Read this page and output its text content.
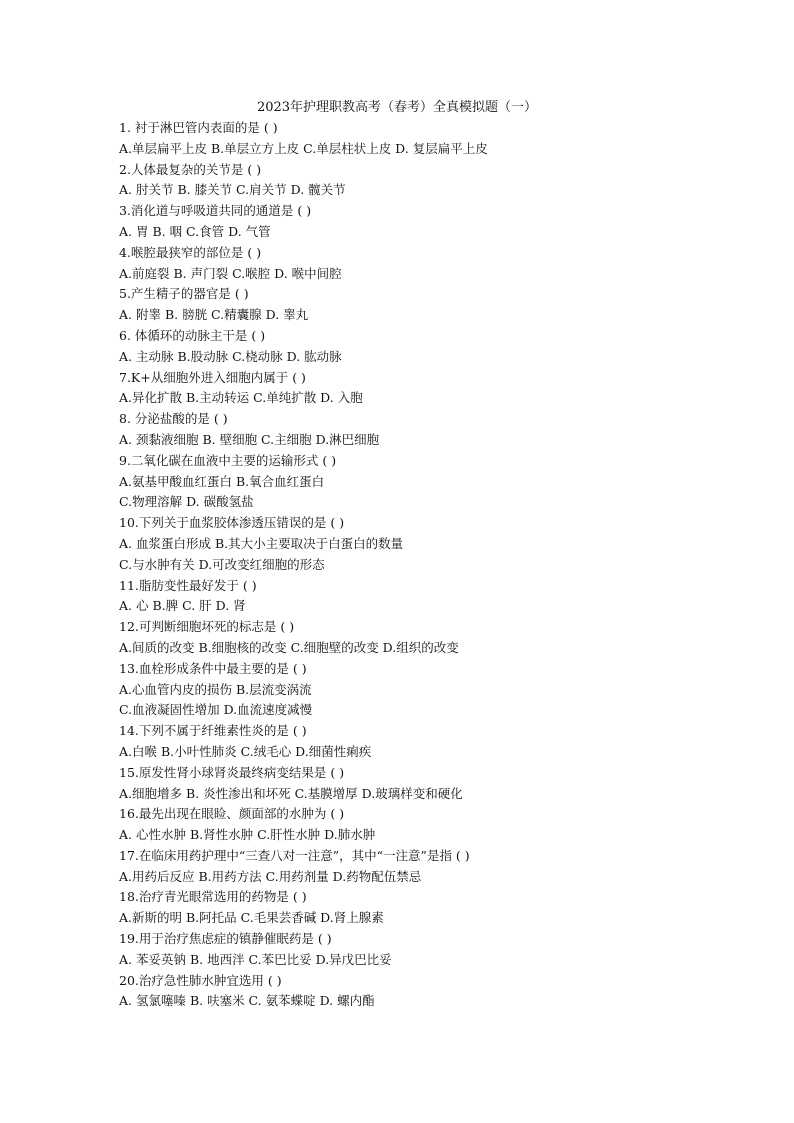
2023年护理职教高考（春考）全真模拟题（一）
1. 衬于淋巴管内表面的是 ( )
A.单层扁平上皮 B.单层立方上皮 C.单层柱状上皮 D. 复层扁平上皮
2.人体最复杂的关节是 ( )
A. 肘关节 B. 膝关节 C.肩关节 D. 髋关节
3.消化道与呼吸道共同的通道是 ( )
A. 胃 B. 咽 C.食管 D. 气管
4.喉腔最狭窄的部位是 ( )
A.前庭裂 B. 声门裂 C.喉腔 D. 喉中间腔
5.产生精子的器官是 ( )
A. 附睾 B. 膀胱 C.精囊腺 D. 睾丸
6. 体循环的动脉主干是 ( )
A. 主动脉 B.股动脉 C.桡动脉 D. 肱动脉
7.K+从细胞外进入细胞内属于 ( )
A.异化扩散 B.主动转运 C.单纯扩散 D. 入胞
8. 分泌盐酸的是 ( )
A. 颈黏液细胞 B. 壁细胞 C.主细胞 D.淋巴细胞
9.二氧化碳在血液中主要的运输形式 ( )
A.氨基甲酸血红蛋白 B.氧合血红蛋白
C.物理溶解 D. 碳酸氢盐
10.下列关于血浆胶体渗透压错误的是 ( )
A. 血浆蛋白形成 B.其大小主要取决于白蛋白的数量
C.与水肿有关 D.可改变红细胞的形态
11.脂肪变性最好发于 ( )
A. 心 B.脾 C. 肝 D. 肾
12.可判断细胞坏死的标志是 ( )
A.间质的改变 B.细胞核的改变 C.细胞壁的改变 D.组织的改变
13.血栓形成条件中最主要的是 ( )
A.心血管内皮的损伤 B.层流变涡流
C.血液凝固性增加 D.血流速度减慢
14.下列不属于纤维素性炎的是 ( )
A.白喉 B.小叶性肺炎 C.绒毛心 D.细菌性痢疾
15.原发性肾小球肾炎最终病变结果是 ( )
A.细胞增多 B. 炎性渗出和坏死 C.基膜增厚 D.玻璃样变和硬化
16.最先出现在眼睑、颜面部的水肿为 ( )
A. 心性水肿 B.肾性水肿 C.肝性水肿 D.肺水肿
17.在临床用药护理中“三查八对一注意”，其中“一注意”是指 ( )
A.用药后反应 B.用药方法 C.用药剂量 D.药物配伍禁忌
18.治疗青光眼常选用的药物是 ( )
A.新斯的明 B.阿托品 C.毛果芸香碱 D.肾上腺素
19.用于治疗焦虑症的镇静催眠药是 ( )
A. 苯妥英钠 B. 地西泮 C.苯巴比妥 D.异戊巴比妥
20.治疗急性肺水肿宜选用 ( )
A. 氢氯噻嗪 B. 呋塞米 C. 氨苯蝶啶 D. 螺内酯
